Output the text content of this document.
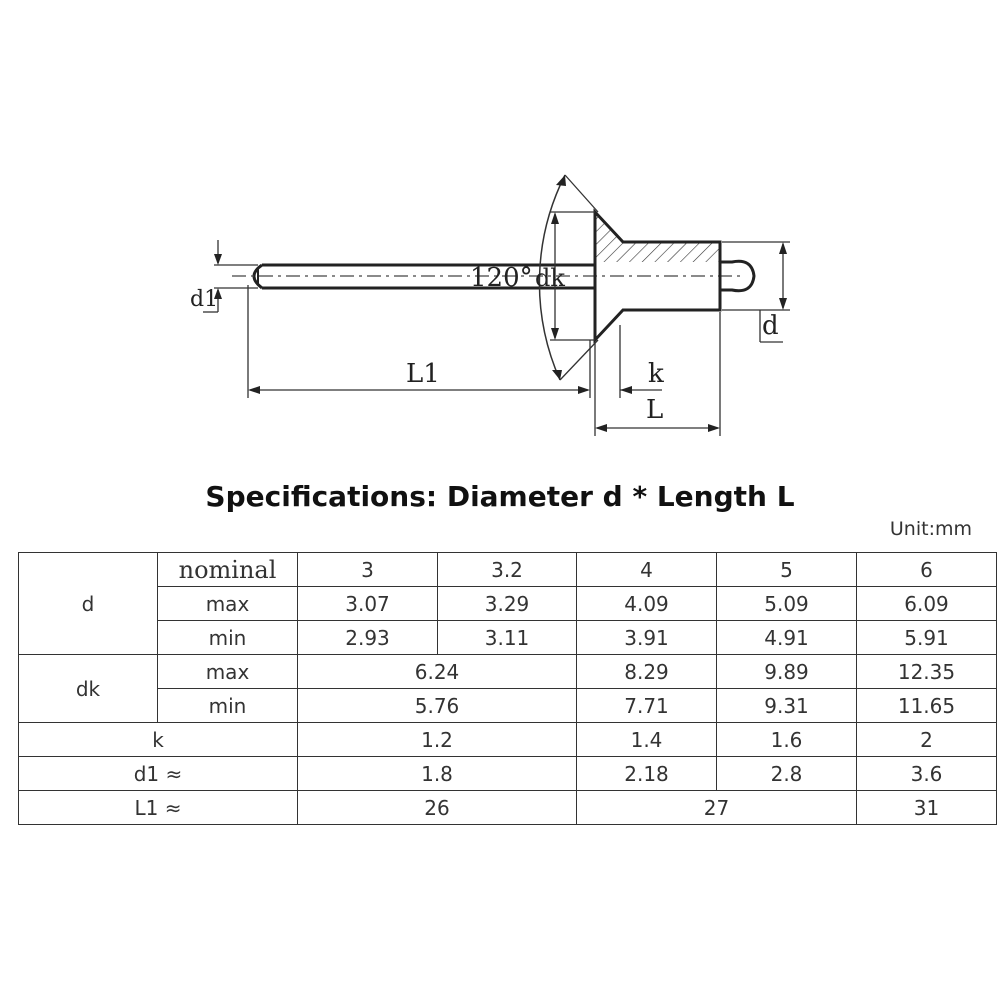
d1
120° dk
d
L1	k
L
Specifications: Diameter d * Length L
Unit:mm
d	nominal	3	3.2	4	5	6
	max	3.07	3.29	4.09	5.09	6.09
	min	2.93	3.11	3.91	4.91	5.91
dk	max	6.24		8.29	9.89	12.35
	min	5.76		7.71	9.31	11.65
k		1.2		1.4	1.6	2
d1 ≈		1.8		2.18	2.8	3.6
L1 ≈		26		27		31
